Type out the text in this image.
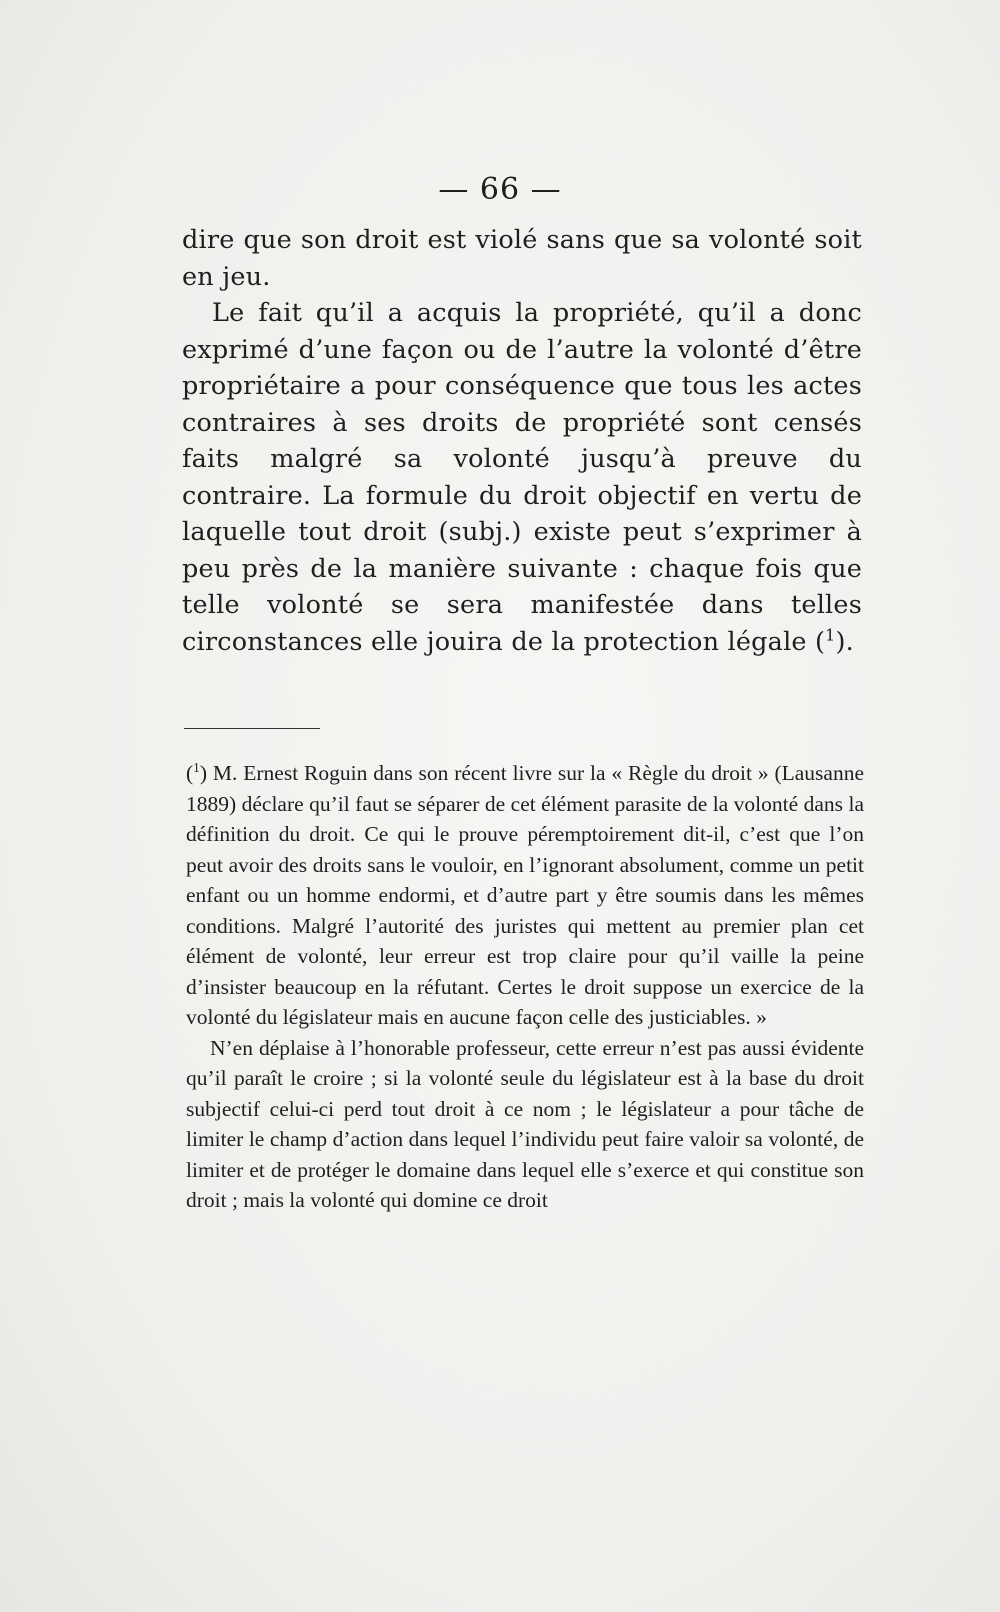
— 66 —

dire que son droit est violé sans que sa volonté soit en jeu.

Le fait qu’il a acquis la propriété, qu’il a donc exprimé d’une façon ou de l’autre la volonté d’être propriétaire a pour conséquence que tous les actes contraires à ses droits de propriété sont censés faits malgré sa volonté jusqu’à preuve du contraire. La formule du droit objectif en vertu de laquelle tout droit (subj.) existe peut s’exprimer à peu près de la manière suivante : chaque fois que telle volonté se sera manifestée dans telles circonstances elle jouira de la protection légale ($^1$).

($^1$) M. Ernest Roguin dans son récent livre sur la « Règle du droit » (Lausanne 1889) déclare qu’il faut se séparer de cet élément parasite de la volonté dans la définition du droit. Ce qui le prouve péremptoirement dit-il, c’est que l’on peut avoir des droits sans le vouloir, en l’ignorant absolument, comme un petit enfant ou un homme endormi, et d’autre part y être soumis dans les mêmes conditions. Malgré l’autorité des juristes qui mettent au premier plan cet élément de volonté, leur erreur est trop claire pour qu’il vaille la peine d’insister beaucoup en la réfutant. Certes le droit suppose un exercice de la volonté du législateur mais en aucune façon celle des justiciables. »

N’en déplaise à l’honorable professeur, cette erreur n’est pas aussi évidente qu’il paraît le croire ; si la volonté seule du législateur est à la base du droit subjectif celui-ci perd tout droit à ce nom ; le législateur a pour tâche de limiter le champ d’action dans lequel l’individu peut faire valoir sa volonté, de limiter et de protéger le domaine dans lequel elle s’exerce et qui constitue son droit ; mais la volonté qui domine ce droit
